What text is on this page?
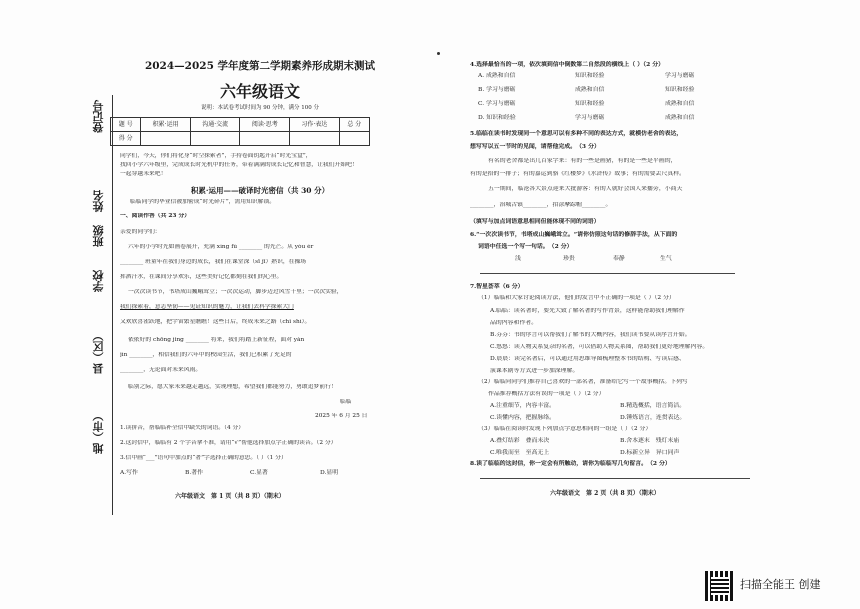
登记号
姓名
班级
学校
县（区）
地（市）
2024—2025 学年度第二学期素养形成期末测试
六年级语文
说明：本试卷考试时间为 90 分钟，满分 100 分
题 号	积累·运用	沟通·交流	阅读·思考	习作·表达	总 分
得 分					
同学们，今天，你们将化身“时空探索者”，手持卷面钥匙开启“时光宝盒”，
找回小学六年级里，完成成长时光机中的任务，带着满满的成长记忆和智慧，让我们开始吧！
一起穿越未来吧！
积累·运用——破译时光密信（共 30 分）
临临同学的毕业信被加密成“时光碎片”，需用知识解锁。
一、阅读作答（共 23 分）
亲爱的同学们：
六年的小学时光如画卷展开，充满 xìng fú ________ 的光芒。从 yòu ér
________ 班童年在我们身边的成长，我们在课堂深（sī jī）熟识，在操场
挥洒汗水，在课间分享欢乐，这些美好记忆都刻在我们的心里。
一次次读书节，书塔成山巍峨耸立；一次次运动，脚步迈过风雪千里；一次次实验，
我们探索着，意志坚韧——见证知识的魅力，让我们去科学探索大门
又欢欣喜雀跃地，把宇宙繁星瞧瞧！这些日后，终成未来之路（chǐ shì）。
依依好的 chōng jǐng ________ 将来，我们将踏上新征程，面对 yǎn
jìn ________，相信我们的六年中的校园生活，我们已积累了充足的
________，无论面对未来风雨。
临别之际，愿大家未来越走越远，实现理想，希望我们都能努力，勇敢追梦前行！
临临
2025 年 6 月 25 日
1.读拼音，帮临临补全信中缺失的词语。（4 分）
2.这封信中，临临有 2 个字音拿不准，请用“√”帮他选择加点字正确的读音。（2 分）
3.信中画“___”语句中加点的“著”字选择正确的意思。（ ）（1 分）
A.写作	B.著作	C.显著	D.显明
六年级语文　第 1 页（共 8 页）（期末）
4.选择最恰当的一项，依次填到信中倒数第二自然段的横线上（ ）（2 分）
A. 成熟和自信	知识和经验	学习与磨砺
B. 学习与磨砺	成熟和自信	知识和经验
C. 学习与磨砺	知识和经验	成熟和自信
D. 知识和经验	学习与磨砺	成熟和自信
5.临临在读书时发现同一个意思可以有多种不同的表达方式，就模仿老舍的表达，
想写写以五一节时的见闻，请帮他完成。（3 分）
有名的老舍都是出几百家字来：有的一些是画猪，有的是一些是平画的，
有的是拾的一排子；有的嘉运到骆《红楼梦》《水浒传》故事；有的需要丢尺真样。
五一期间，临沧各大景点迎来大批游客：有的人就好会国人来播旁，小商天
________，治城古镇________，拍涂摩踪帽________。
（填写与加点词语意思相同但能体现不同的词语）
6.“一次次读书节，书塔成山巍峨耸立。”请你仿照这句话的修辞手法，从下面的
词语中任选一个写一句话。（2 分）
浅	珍贵	奉静	生气
7.智星荟萃（6 分）
（1）临临和大家讨论阅读方法，他们的发言中不正确的一项是（ ）（2 分）
A.临临：读名著时，要先大致了解名著的写作背景，这样能帮助我们理解作
品的内容和作者。
B.芬芬：书的序言可以帮我们了解书的大概内容，我们读书要从读序言开始。
C.悠悠：读人物关系复杂的名著，可以借助人物关系图，帮助我们更好地理解内容。
D.晨晨：读完名著后，可以通过用思维导图梳理整本书的结构、写读后感、
演课本剧等方式进一步加深理解。
（2）临临向同学们推荐自己喜欢的一部名著，准备给它写一个故事概括。下列写
作品推荐概括方法有误的一项是（ ）（2 分）
A.注重细节，内容丰富。	B.精选概括，语言简洁。
C.读懂内容，把握脉络。	D.锤炼语言，连贯表达。
（3）临临在阅读时发现下列加点字意思相同的一组是（ ）（2 分）
A.叠灯结彩　叠而未决	B.舍本逐末　残灯末庙
C.唯我而至　至高无上	D.标新立异　异口同声
8.读了临临的这封信，你一定会有所触动，请你为临临写几句留言。（2 分）
六年级语文　第 2 页（共 8 页）（期末）
扫描全能王 创建
